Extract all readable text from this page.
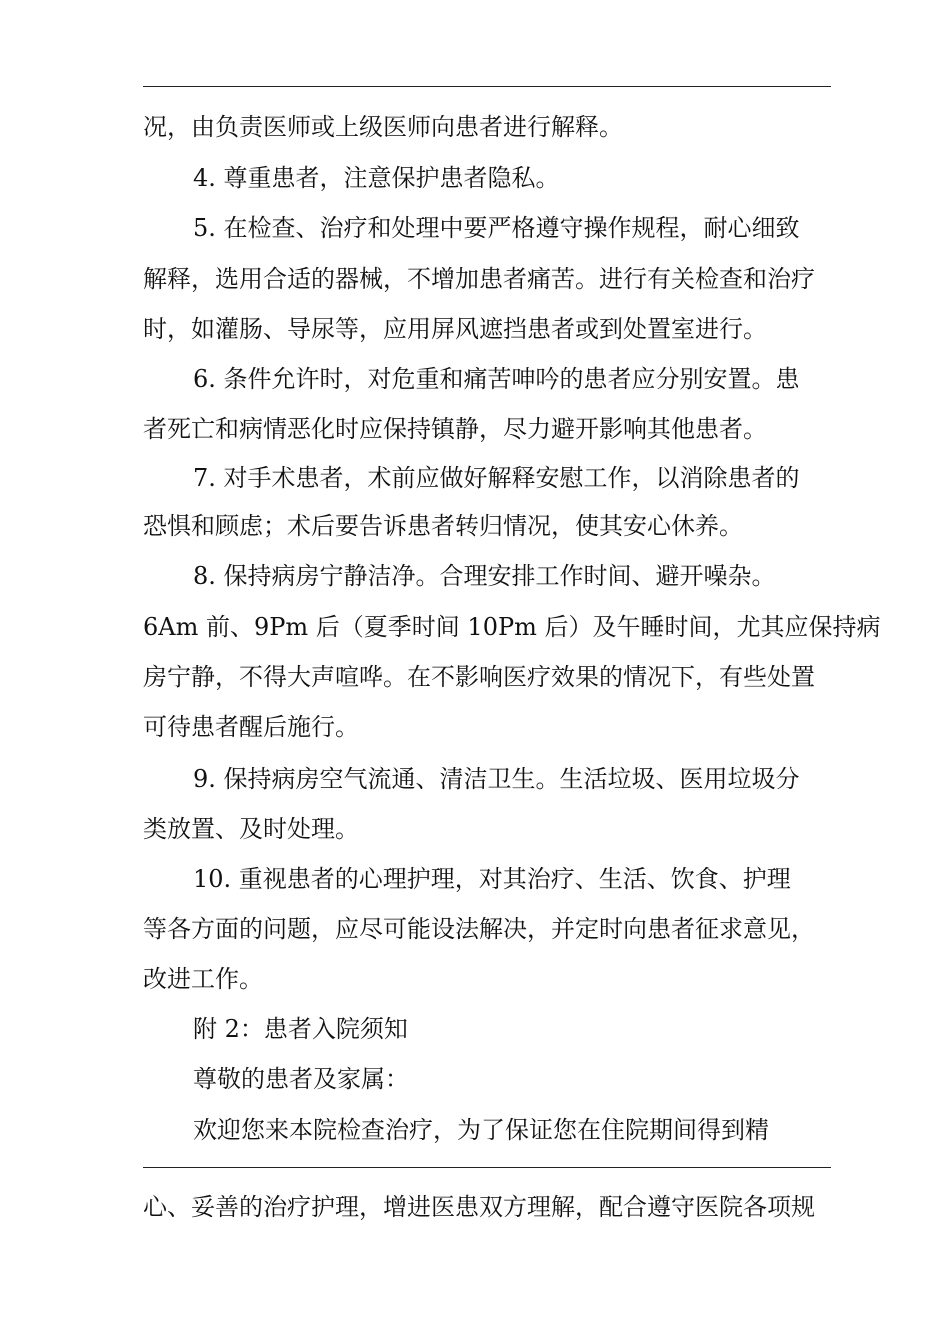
况，由负责医师或上级医师向患者进行解释。
4. 尊重患者，注意保护患者隐私。
5. 在检查、治疗和处理中要严格遵守操作规程，耐心细致
解释，选用合适的器械，不增加患者痛苦。进行有关检查和治疗
时，如灌肠、导尿等，应用屏风遮挡患者或到处置室进行。
6. 条件允许时，对危重和痛苦呻吟的患者应分别安置。患
者死亡和病情恶化时应保持镇静，尽力避开影响其他患者。
7. 对手术患者，术前应做好解释安慰工作，以消除患者的
恐惧和顾虑；术后要告诉患者转归情况，使其安心休养。
8. 保持病房宁静洁净。合理安排工作时间、避开噪杂。
6Am 前、9Pm 后（夏季时间 10Pm 后）及午睡时间，尤其应保持病
房宁静，不得大声喧哗。在不影响医疗效果的情况下，有些处置
可待患者醒后施行。
9. 保持病房空气流通、清洁卫生。生活垃圾、医用垃圾分
类放置、及时处理。
10. 重视患者的心理护理，对其治疗、生活、饮食、护理
等各方面的问题，应尽可能设法解决，并定时向患者征求意见，
改进工作。
附 2：患者入院须知
尊敬的患者及家属：
欢迎您来本院检查治疗，为了保证您在住院期间得到精
心、妥善的治疗护理，增进医患双方理解，配合遵守医院各项规
